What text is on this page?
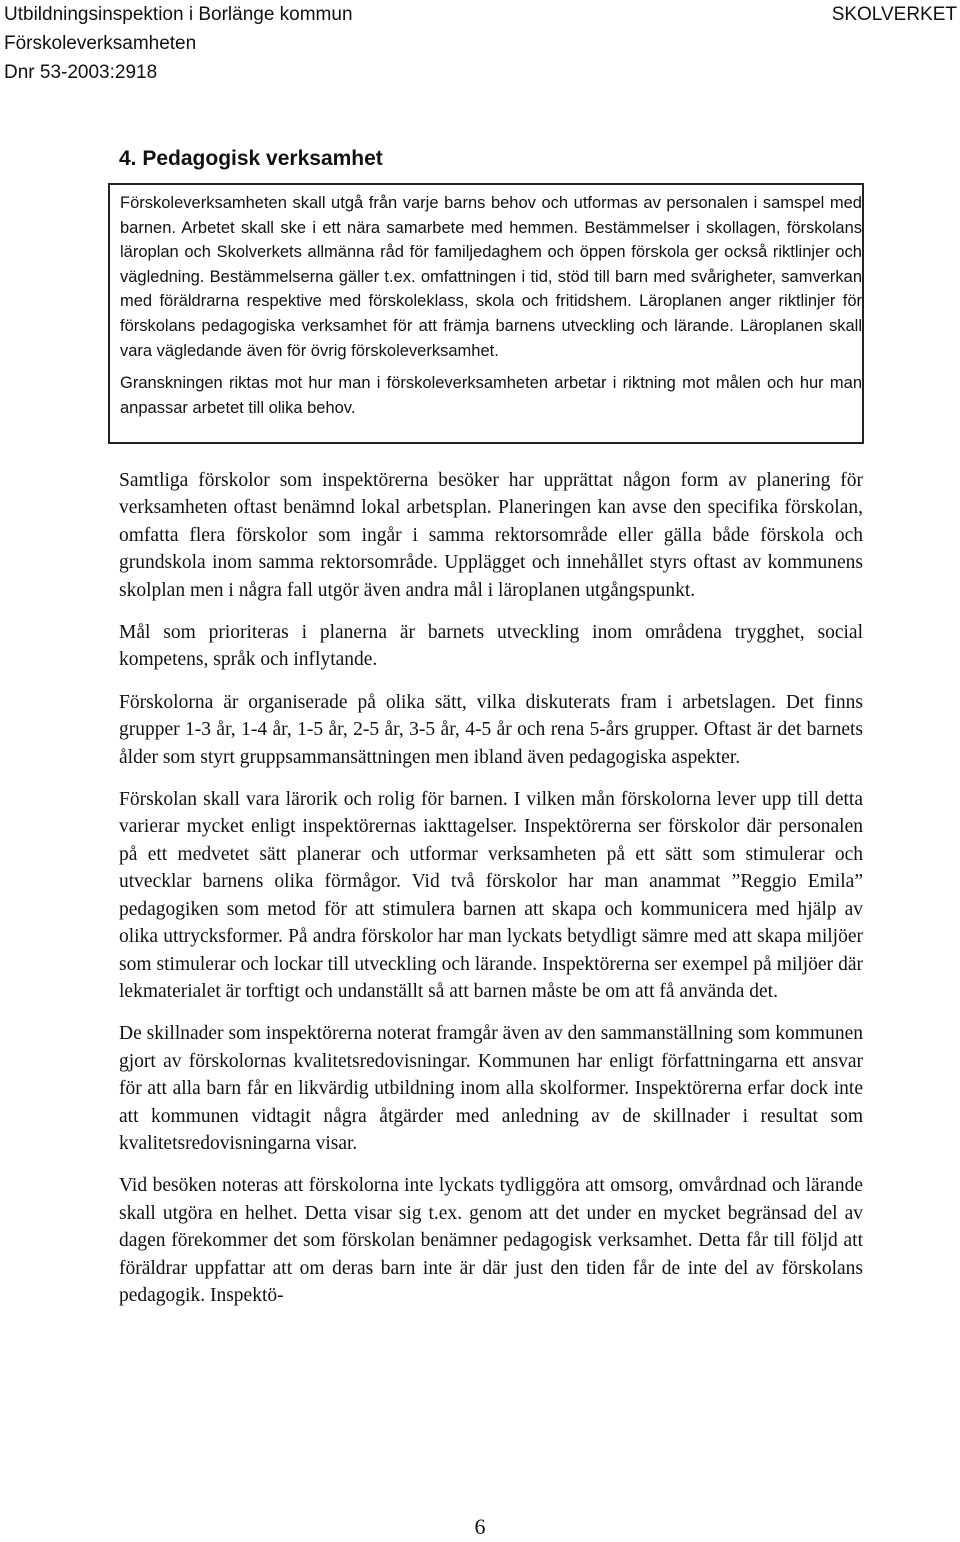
Utbildningsinspektion i Borlänge kommun
Förskoleverksamheten
Dnr 53-2003:2918
SKOLVERKET
4. Pedagogisk verksamhet

Förskoleverksamheten skall utgå från varje barns behov och utformas av personalen i samspel med barnen. Arbetet skall ske i ett nära samarbete med hemmen. Bestämmelser i skollagen, förskolans läroplan och Skolverkets allmänna råd för familjedaghem och öppen förskola ger också riktlinjer och vägledning. Bestämmelserna gäller t.ex. omfattningen i tid, stöd till barn med svårigheter, samverkan med föräldrarna respektive med förskoleklass, skola och fritidshem. Läroplanen anger riktlinjer för förskolans pedagogiska verksamhet för att främja barnens utveckling och lärande. Läroplanen skall vara vägledande även för övrig förskoleverksamhet.

Granskningen riktas mot hur man i förskoleverksamheten arbetar i riktning mot målen och hur man anpassar arbetet till olika behov.

Samtliga förskolor som inspektörerna besöker har upprättat någon form av planering för verksamheten oftast benämnd lokal arbetsplan. Planeringen kan avse den specifika förskolan, omfatta flera förskolor som ingår i samma rektorsområde eller gälla både förskola och grundskola inom samma rektorsområde. Upplägget och innehållet styrs oftast av kommunens skolplan men i några fall utgör även andra mål i läroplanen utgångspunkt.

Mål som prioriteras i planerna är barnets utveckling inom områdena trygghet, social kompetens, språk och inflytande.

Förskolorna är organiserade på olika sätt, vilka diskuterats fram i arbetslagen. Det finns grupper 1-3 år, 1-4 år, 1-5 år, 2-5 år, 3-5 år, 4-5 år och rena 5-års grupper. Oftast är det barnets ålder som styrt gruppsammansättningen men ibland även pedagogiska aspekter.

Förskolan skall vara lärorik och rolig för barnen. I vilken mån förskolorna lever upp till detta varierar mycket enligt inspektörernas iakttagelser. Inspektörerna ser förskolor där personalen på ett medvetet sätt planerar och utformar verksamheten på ett sätt som stimulerar och utvecklar barnens olika förmågor. Vid två förskolor har man anammat ”Reggio Emila” pedagogiken som metod för att stimulera barnen att skapa och kommunicera med hjälp av olika uttrycksformer. På andra förskolor har man lyckats betydligt sämre med att skapa miljöer som stimulerar och lockar till utveckling och lärande. Inspektörerna ser exempel på miljöer där lekmaterialet är torftigt och undanställt så att barnen måste be om att få använda det.

De skillnader som inspektörerna noterat framgår även av den sammanställning som kommunen gjort av förskolornas kvalitetsredovisningar. Kommunen har enligt författningarna ett ansvar för att alla barn får en likvärdig utbildning inom alla skolformer. Inspektörerna erfar dock inte att kommunen vidtagit några åtgärder med anledning av de skillnader i resultat som kvalitetsredovisningarna visar.

Vid besöken noteras att förskolorna inte lyckats tydliggöra att omsorg, omvårdnad och lärande skall utgöra en helhet. Detta visar sig t.ex. genom att det under en mycket begränsad del av dagen förekommer det som förskolan benämner pedagogisk verksamhet. Detta får till följd att föräldrar uppfattar att om deras barn inte är där just den tiden får de inte del av förskolans pedagogik. Inspektö-

6
